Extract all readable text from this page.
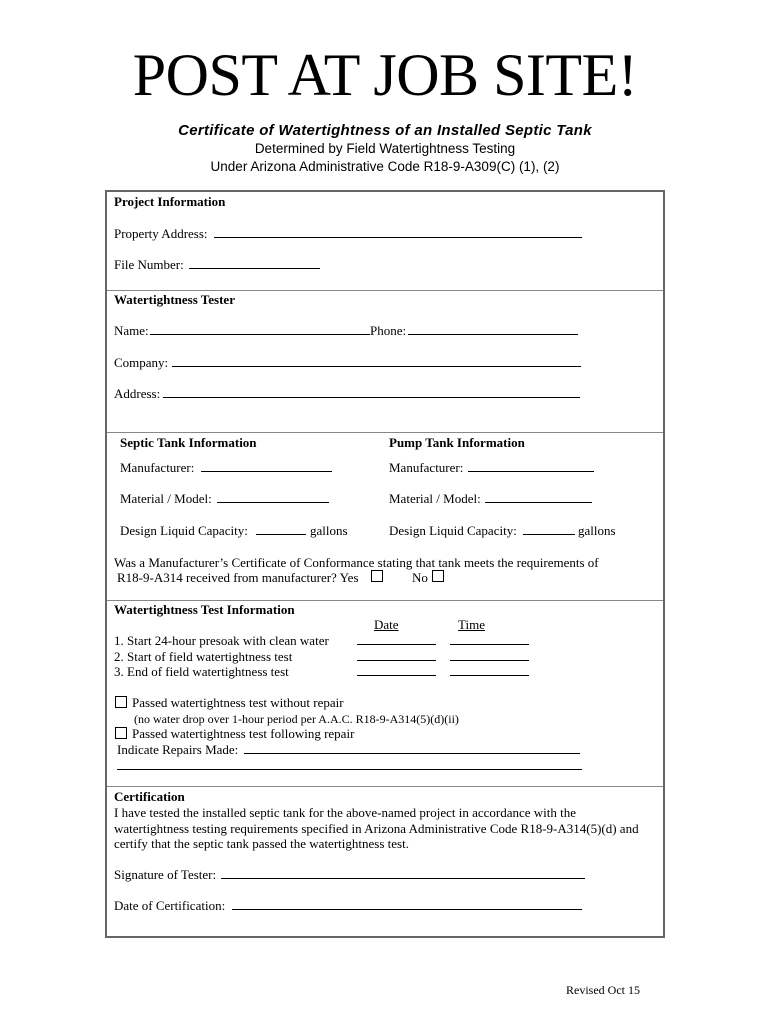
POST AT JOB SITE!
Certificate of Watertightness of an Installed Septic Tank
Determined by Field Watertightness Testing
Under Arizona Administrative Code R18-9-A309(C) (1), (2)
Project Information
Property Address:
File Number:
Watertightness Tester
Name:	Phone:
Company:
Address:
Septic Tank Information	Pump Tank Information
Manufacturer:	Manufacturer:
Material / Model:	Material / Model:
Design Liquid Capacity:	gallons	Design Liquid Capacity:	gallons
Was a Manufacturer’s Certificate of Conformance stating that tank meets the requirements of
R18-9-A314 received from manufacturer? Yes	No
Watertightness Test Information
Date	Time
1. Start 24-hour presoak with clean water
2. Start of field watertightness test
3. End of field watertightness test
Passed watertightness test without repair
(no water drop over 1-hour period per A.A.C. R18-9-A314(5)(d)(ii)
Passed watertightness test following repair
Indicate Repairs Made:
Certification
I have tested the installed septic tank for the above-named project in accordance with the
watertightness testing requirements specified in Arizona Administrative Code R18-9-A314(5)(d) and
certify that the septic tank passed the watertightness test.
Signature of Tester:
Date of Certification:
Revised Oct 15
